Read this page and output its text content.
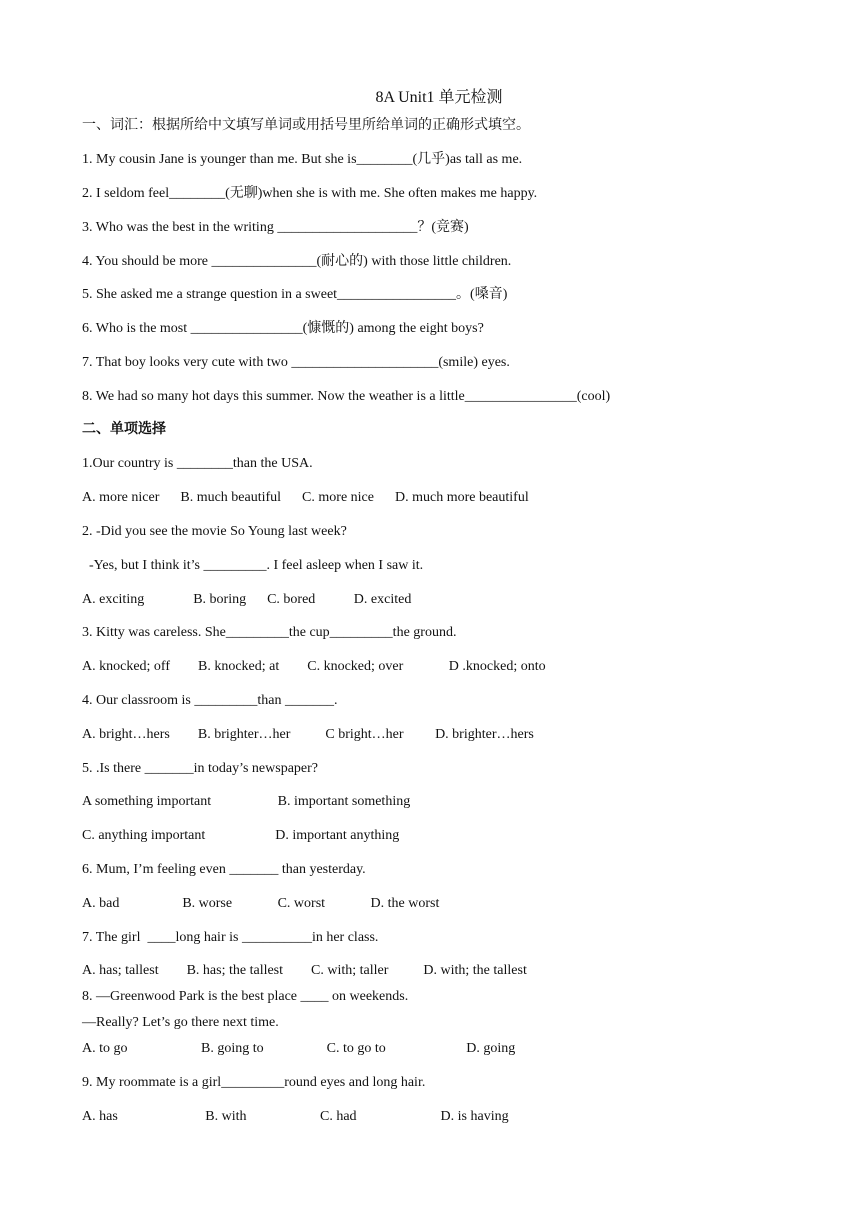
8A Unit1 单元检测
一、词汇：根据所给中文填写单词或用括号里所给单词的正确形式填空。
1. My cousin Jane is younger than me. But she is________(几乎)as tall as me.
2. I seldom feel________(无聊)when she is with me. She often makes me happy.
3. Who was the best in the writing ____________________？(竞赛)
4. You should be more _______________(耐心的) with those little children.
5. She asked me a strange question in a sweet_________________。(嗓音)
6. Who is the most ________________(慷慨的) among the eight boys?
7. That boy looks very cute with two _____________________(smile) eyes.
8. We had so many hot days this summer. Now the weather is a little________________(cool)
二、单项选择
1.Our country is ________than the USA.
A. more nicer      B. much beautiful      C. more nice      D. much more beautiful
2. -Did you see the movie So Young last week?
-Yes, but I think it’s _________. I feel asleep when I saw it.
A. exciting              B. boring      C. bored           D. excited
3. Kitty was careless. She_________the cup_________the ground.
A. knocked; off        B. knocked; at        C. knocked; over             D .knocked; onto
4. Our classroom is _________than _______.
A. bright…hers        B. brighter…her          C bright…her         D. brighter…hers
5. .Is there _______in today’s newspaper?
A something important                   B. important something
C. anything important                    D. important anything
6. Mum, I’m feeling even _______ than yesterday.
A. bad                  B. worse             C. worst             D. the worst
7. The girl  ____long hair is __________in her class.
A. has; tallest        B. has; the tallest        C. with; taller          D. with; the tallest
8. —Greenwood Park is the best place ____ on weekends.
—Really? Let’s go there next time.
A. to go                     B. going to                  C. to go to                       D. going
9. My roommate is a girl_________round eyes and long hair.
A. has                         B. with                     C. had                        D. is having
